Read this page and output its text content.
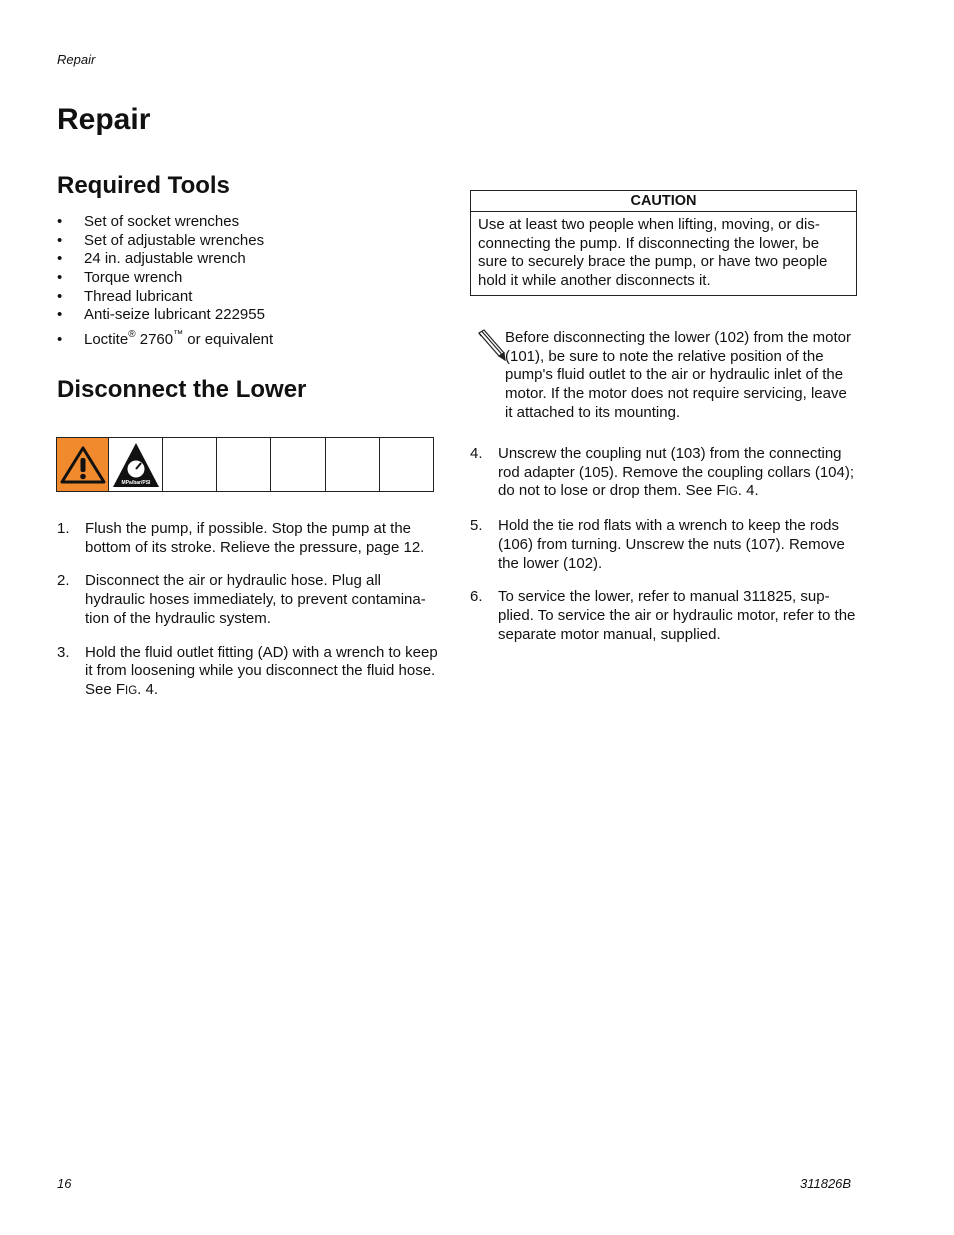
Repair
Repair
Required Tools
• Set of socket wrenches
• Set of adjustable wrenches
• 24 in. adjustable wrench
• Torque wrench
• Thread lubricant
• Anti-seize lubricant 222955
• Loctite® 2760™ or equivalent
Disconnect the Lower
MPa/bar/PSI
1. Flush the pump, if possible. Stop the pump at the bottom of its stroke. Relieve the pressure, page 12.
2. Disconnect the air or hydraulic hose. Plug all hydraulic hoses immediately, to prevent contamina-tion of the hydraulic system.
3. Hold the fluid outlet fitting (AD) with a wrench to keep it from loosening while you disconnect the fluid hose. See FIG. 4.
CAUTION
Use at least two people when lifting, moving, or dis-connecting the pump. If disconnecting the lower, be sure to securely brace the pump, or have two people hold it while another disconnects it.
Before disconnecting the lower (102) from the motor (101), be sure to note the relative position of the pump's fluid outlet to the air or hydraulic inlet of the motor. If the motor does not require servicing, leave it attached to its mounting.
4. Unscrew the coupling nut (103) from the connecting rod adapter (105). Remove the coupling collars (104); do not to lose or drop them. See FIG. 4.
5. Hold the tie rod flats with a wrench to keep the rods (106) from turning. Unscrew the nuts (107). Remove the lower (102).
6. To service the lower, refer to manual 311825, sup-plied. To service the air or hydraulic motor, refer to the separate motor manual, supplied.
16	311826B
